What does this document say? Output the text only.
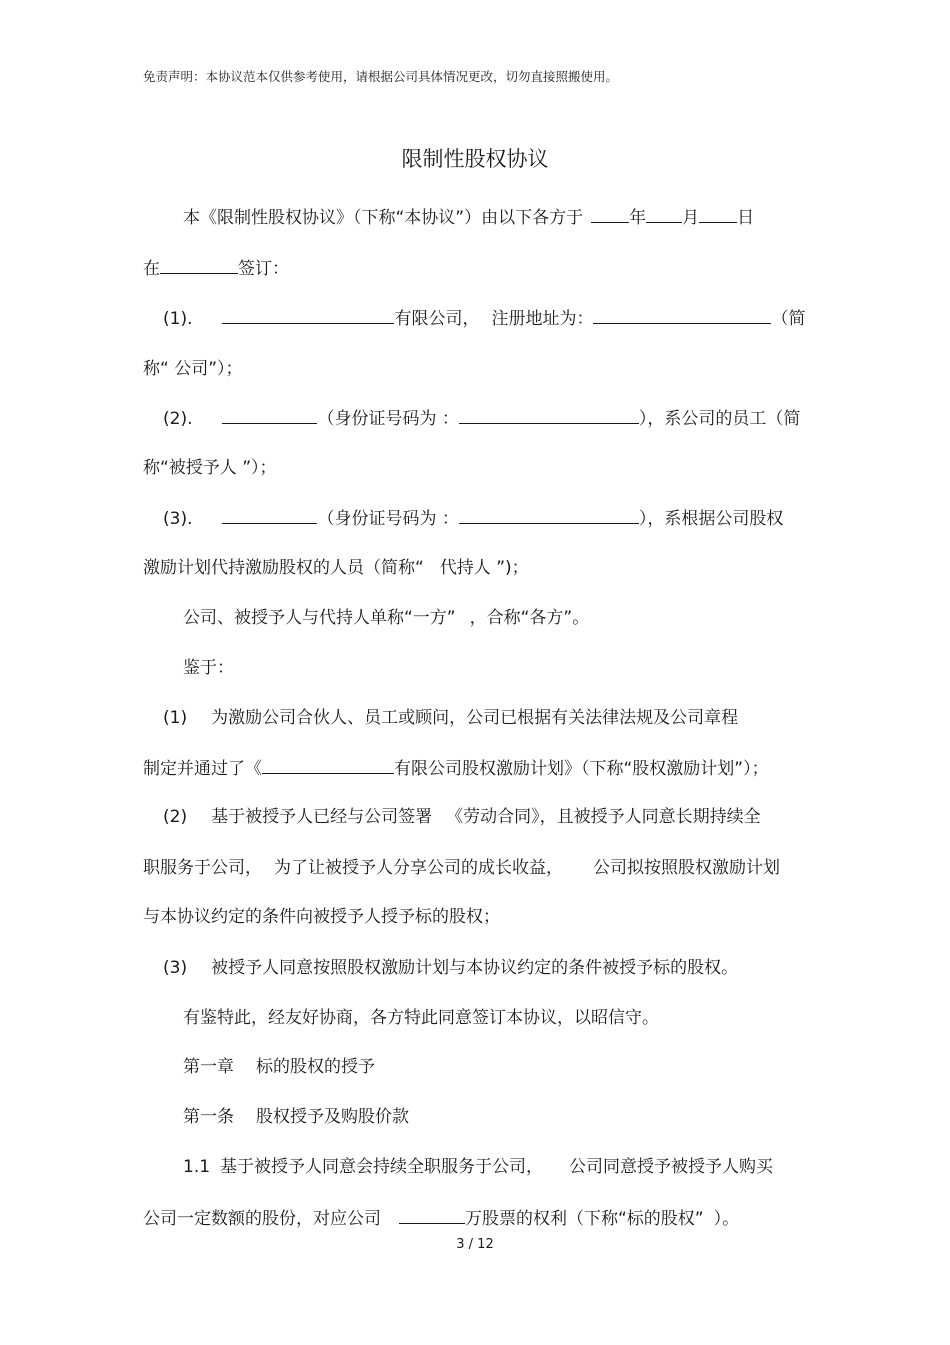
免责声明：本协议范本仅供参考使用，请根据公司具体情况更改，切勿直接照搬使用。
限制性股权协议
本《限制性股权协议》（下称“本协议”）由以下各方于	年 月 日
在	签订：
(1).	有限公司， 注册地址为：	（简
称“ 公司”）；
(2).	（身份证号码为 ：	），系公司的员工（简
称“被授予人 ”）；
(3).	（身份证号码为 ：	），系根据公司股权
激励计划代持激励股权的人员（简称“ 代持人 ”)；
公司、被授予人与代持人单称“一方” ，合称“各方”。
鉴于：
(1) 为激励公司合伙人、员工或顾问，公司已根据有关法律法规及公司章程
制定并通过了《	有限公司股权激励计划》（下称“股权激励计划”）；
(2) 基于被授予人已经与公司签署 《劳动合同》，且被授予人同意长期持续全
职服务于公司， 为了让被授予人分享公司的成长收益， 公司拟按照股权激励计划
与本协议约定的条件向被授予人授予标的股权；
(3) 被授予人同意按照股权激励计划与本协议约定的条件被授予标的股权。
有鉴特此，经友好协商，各方特此同意签订本协议，以昭信守。
第一章 标的股权的授予
第一条 股权授予及购股价款
1.1 基于被授予人同意会持续全职服务于公司， 公司同意授予被授予人购买
公司一定数额的股份，对应公司	万股票的权利（下称“标的股权” ）。
3 / 12
